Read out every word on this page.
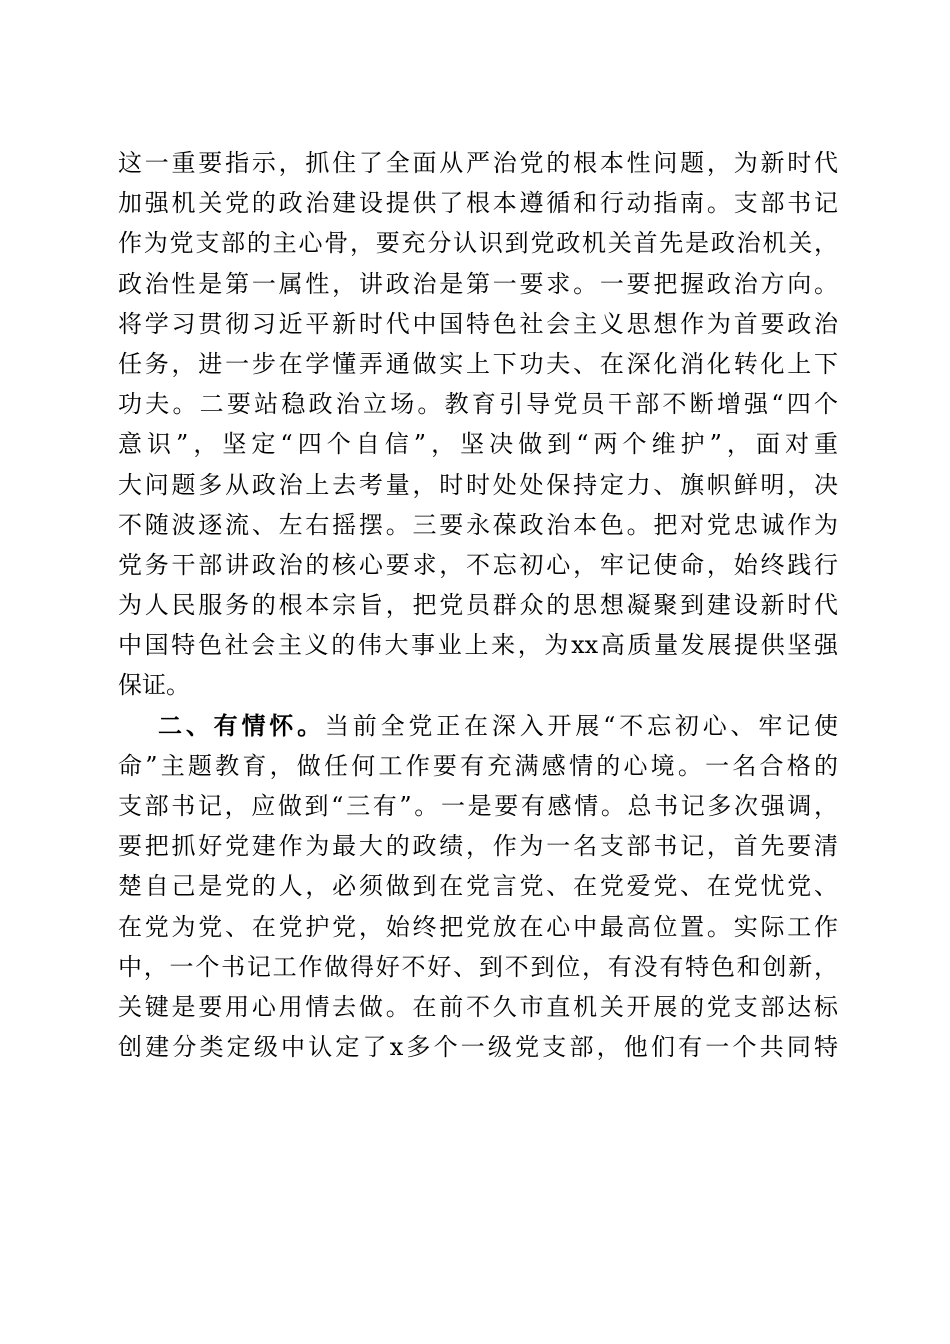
这一重要指示，抓住了全面从严治党的根本性问题，为新时代
加强机关党的政治建设提供了根本遵循和行动指南。支部书记
作为党支部的主心骨，要充分认识到党政机关首先是政治机关，
政治性是第一属性，讲政治是第一要求。一要把握政治方向。
将学习贯彻习近平新时代中国特色社会主义思想作为首要政治
任务，进一步在学懂弄通做实上下功夫、在深化消化转化上下
功夫。二要站稳政治立场。教育引导党员干部不断增强“四个
意识”，坚定“四个自信”，坚决做到“两个维护”，面对重
大问题多从政治上去考量，时时处处保持定力、旗帜鲜明，决
不随波逐流、左右摇摆。三要永葆政治本色。把对党忠诚作为
党务干部讲政治的核心要求，不忘初心，牢记使命，始终践行
为人民服务的根本宗旨，把党员群众的思想凝聚到建设新时代
中国特色社会主义的伟大事业上来，为xx高质量发展提供坚强
保证。
二、有情怀。当前全党正在深入开展“不忘初心、牢记使
命”主题教育，做任何工作要有充满感情的心境。一名合格的
支部书记，应做到“三有”。一是要有感情。总书记多次强调，
要把抓好党建作为最大的政绩，作为一名支部书记，首先要清
楚自己是党的人，必须做到在党言党、在党爱党、在党忧党、
在党为党、在党护党，始终把党放在心中最高位置。实际工作
中，一个书记工作做得好不好、到不到位，有没有特色和创新，
关键是要用心用情去做。在前不久市直机关开展的党支部达标
创建分类定级中认定了x多个一级党支部，他们有一个共同特
